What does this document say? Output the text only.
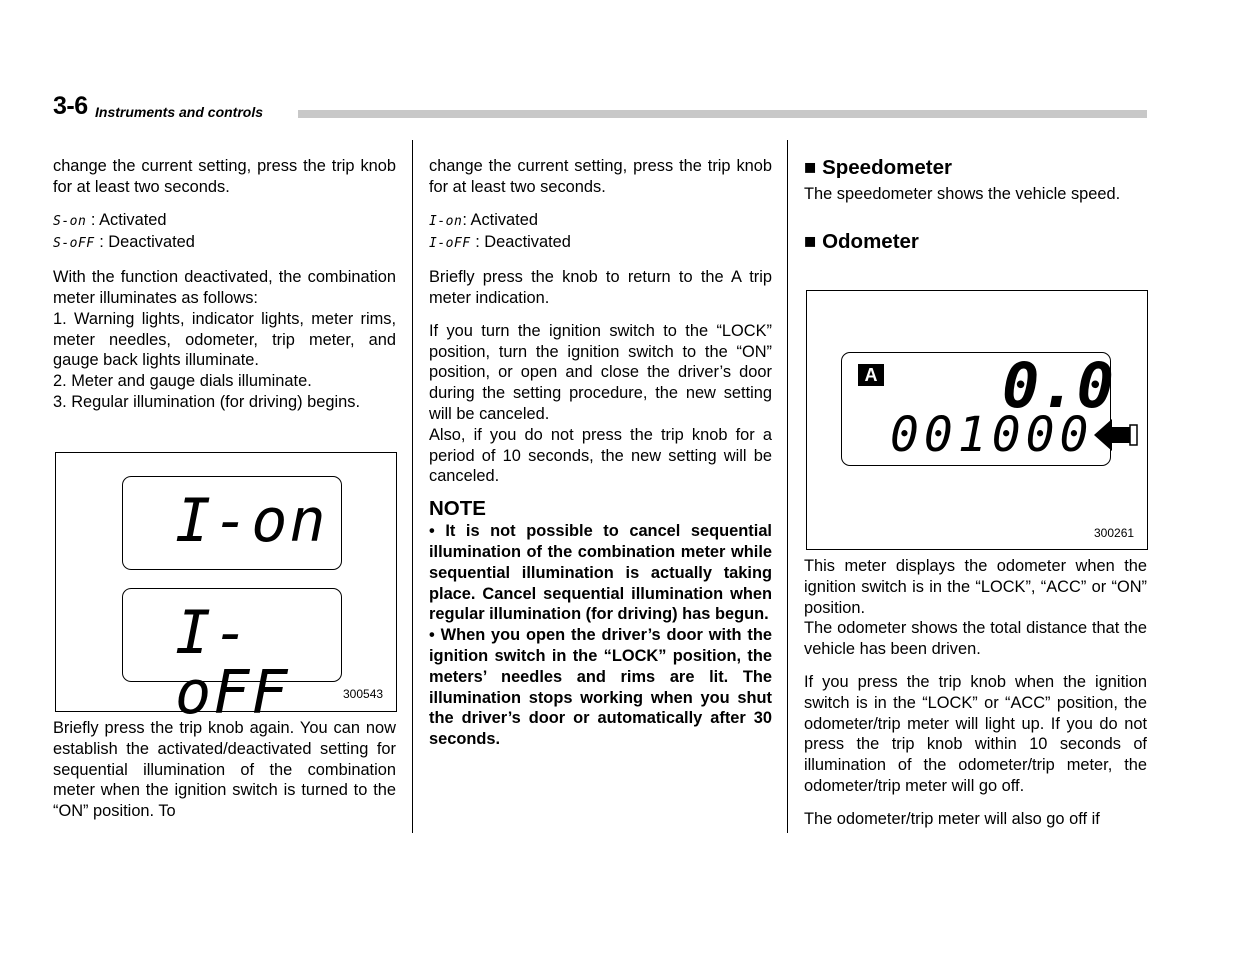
3-6 Instruments and controls

change the current setting, press the trip knob for at least two seconds.

S-on : Activated

S-oFF : Deactivated

With the function deactivated, the combination meter illuminates as follows:

1. Warning lights, indicator lights, meter rims, meter needles, odometer, trip meter, and gauge back lights illuminate.

2. Meter and gauge dials illuminate.

3. Regular illumination (for driving) begins.

I-on
I-oFF	300543

Briefly press the trip knob again. You can now establish the activated/deactivated setting for sequential illumination of the combination meter when the ignition switch is turned to the “ON” position. To

change the current setting, press the trip knob for at least two seconds.

I-on: Activated

I-oFF : Deactivated

Briefly press the knob to return to the A trip meter indication.

If you turn the ignition switch to the “LOCK” position, turn the ignition switch to the “ON” position, or open and close the driver’s door during the setting procedure, the new setting will be canceled.

Also, if you do not press the trip knob for a period of 10 seconds, the new setting will be canceled.

NOTE

• It is not possible to cancel sequential illumination of the combination meter while sequential illumination is actually taking place. Cancel sequential illumination when regular illumination (for driving) has begun.

• When you open the driver’s door with the ignition switch in the “LOCK” position, the meters’ needles and rims are lit. The illumination stops working when you shut the driver’s door or automatically after 30 seconds.

■ Speedometer

The speedometer shows the vehicle speed.

■ Odometer

A 0.0
001000
300261

This meter displays the odometer when the ignition switch is in the “LOCK”, “ACC” or “ON” position.

The odometer shows the total distance that the vehicle has been driven.

If you press the trip knob when the ignition switch is in the “LOCK” or “ACC” position, the odometer/trip meter will light up. If you do not press the trip knob within 10 seconds of illumination of the odometer/trip meter, the odometer/trip meter will go off.

The odometer/trip meter will also go off if
